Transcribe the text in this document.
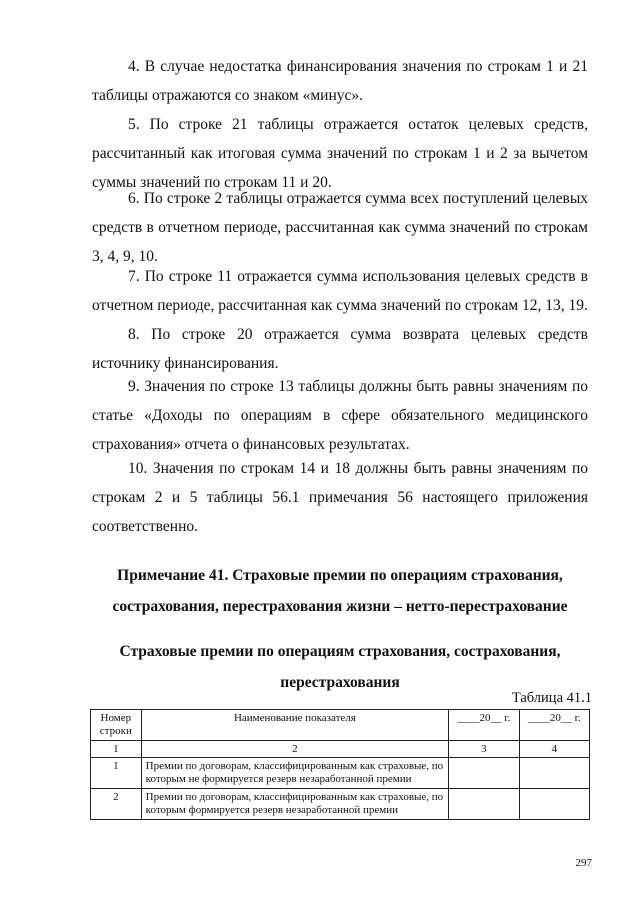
4. В случае недостатка финансирования значения по строкам 1 и 21 таблицы отражаются со знаком «минус».

5. По строке 21 таблицы отражается остаток целевых средств, рассчитанный как итоговая сумма значений по строкам 1 и 2 за вычетом суммы значений по строкам 11 и 20.

6. По строке 2 таблицы отражается сумма всех поступлений целевых средств в отчетном периоде, рассчитанная как сумма значений по строкам 3, 4, 9, 10.

7. По строке 11 отражается сумма использования целевых средств в отчетном периоде, рассчитанная как сумма значений по строкам 12, 13, 19.

8. По строке 20 отражается сумма возврата целевых средств источнику финансирования.

9. Значения по строке 13 таблицы должны быть равны значениям по статье «Доходы по операциям в сфере обязательного медицинского страхования» отчета о финансовых результатах.

10. Значения по строкам 14 и 18 должны быть равны значениям по строкам 2 и 5 таблицы 56.1 примечания 56 настоящего приложения соответственно.

Примечание 41. Страховые премии по операциям страхования, сострахования, перестрахования жизни – нетто-перестрахование

Страховые премии по операциям страхования, сострахования, перестрахования

Таблица 41.1

Номер строки	Наименование показателя	____20__ г.	____20__ г.
1	2	3	4
1	Премии по договорам, классифицированным как страховые, по которым не формируется резерв незаработанной премии		
2	Премии по договорам, классифицированным как страховые, по которым формируется резерв незаработанной премии		
297
